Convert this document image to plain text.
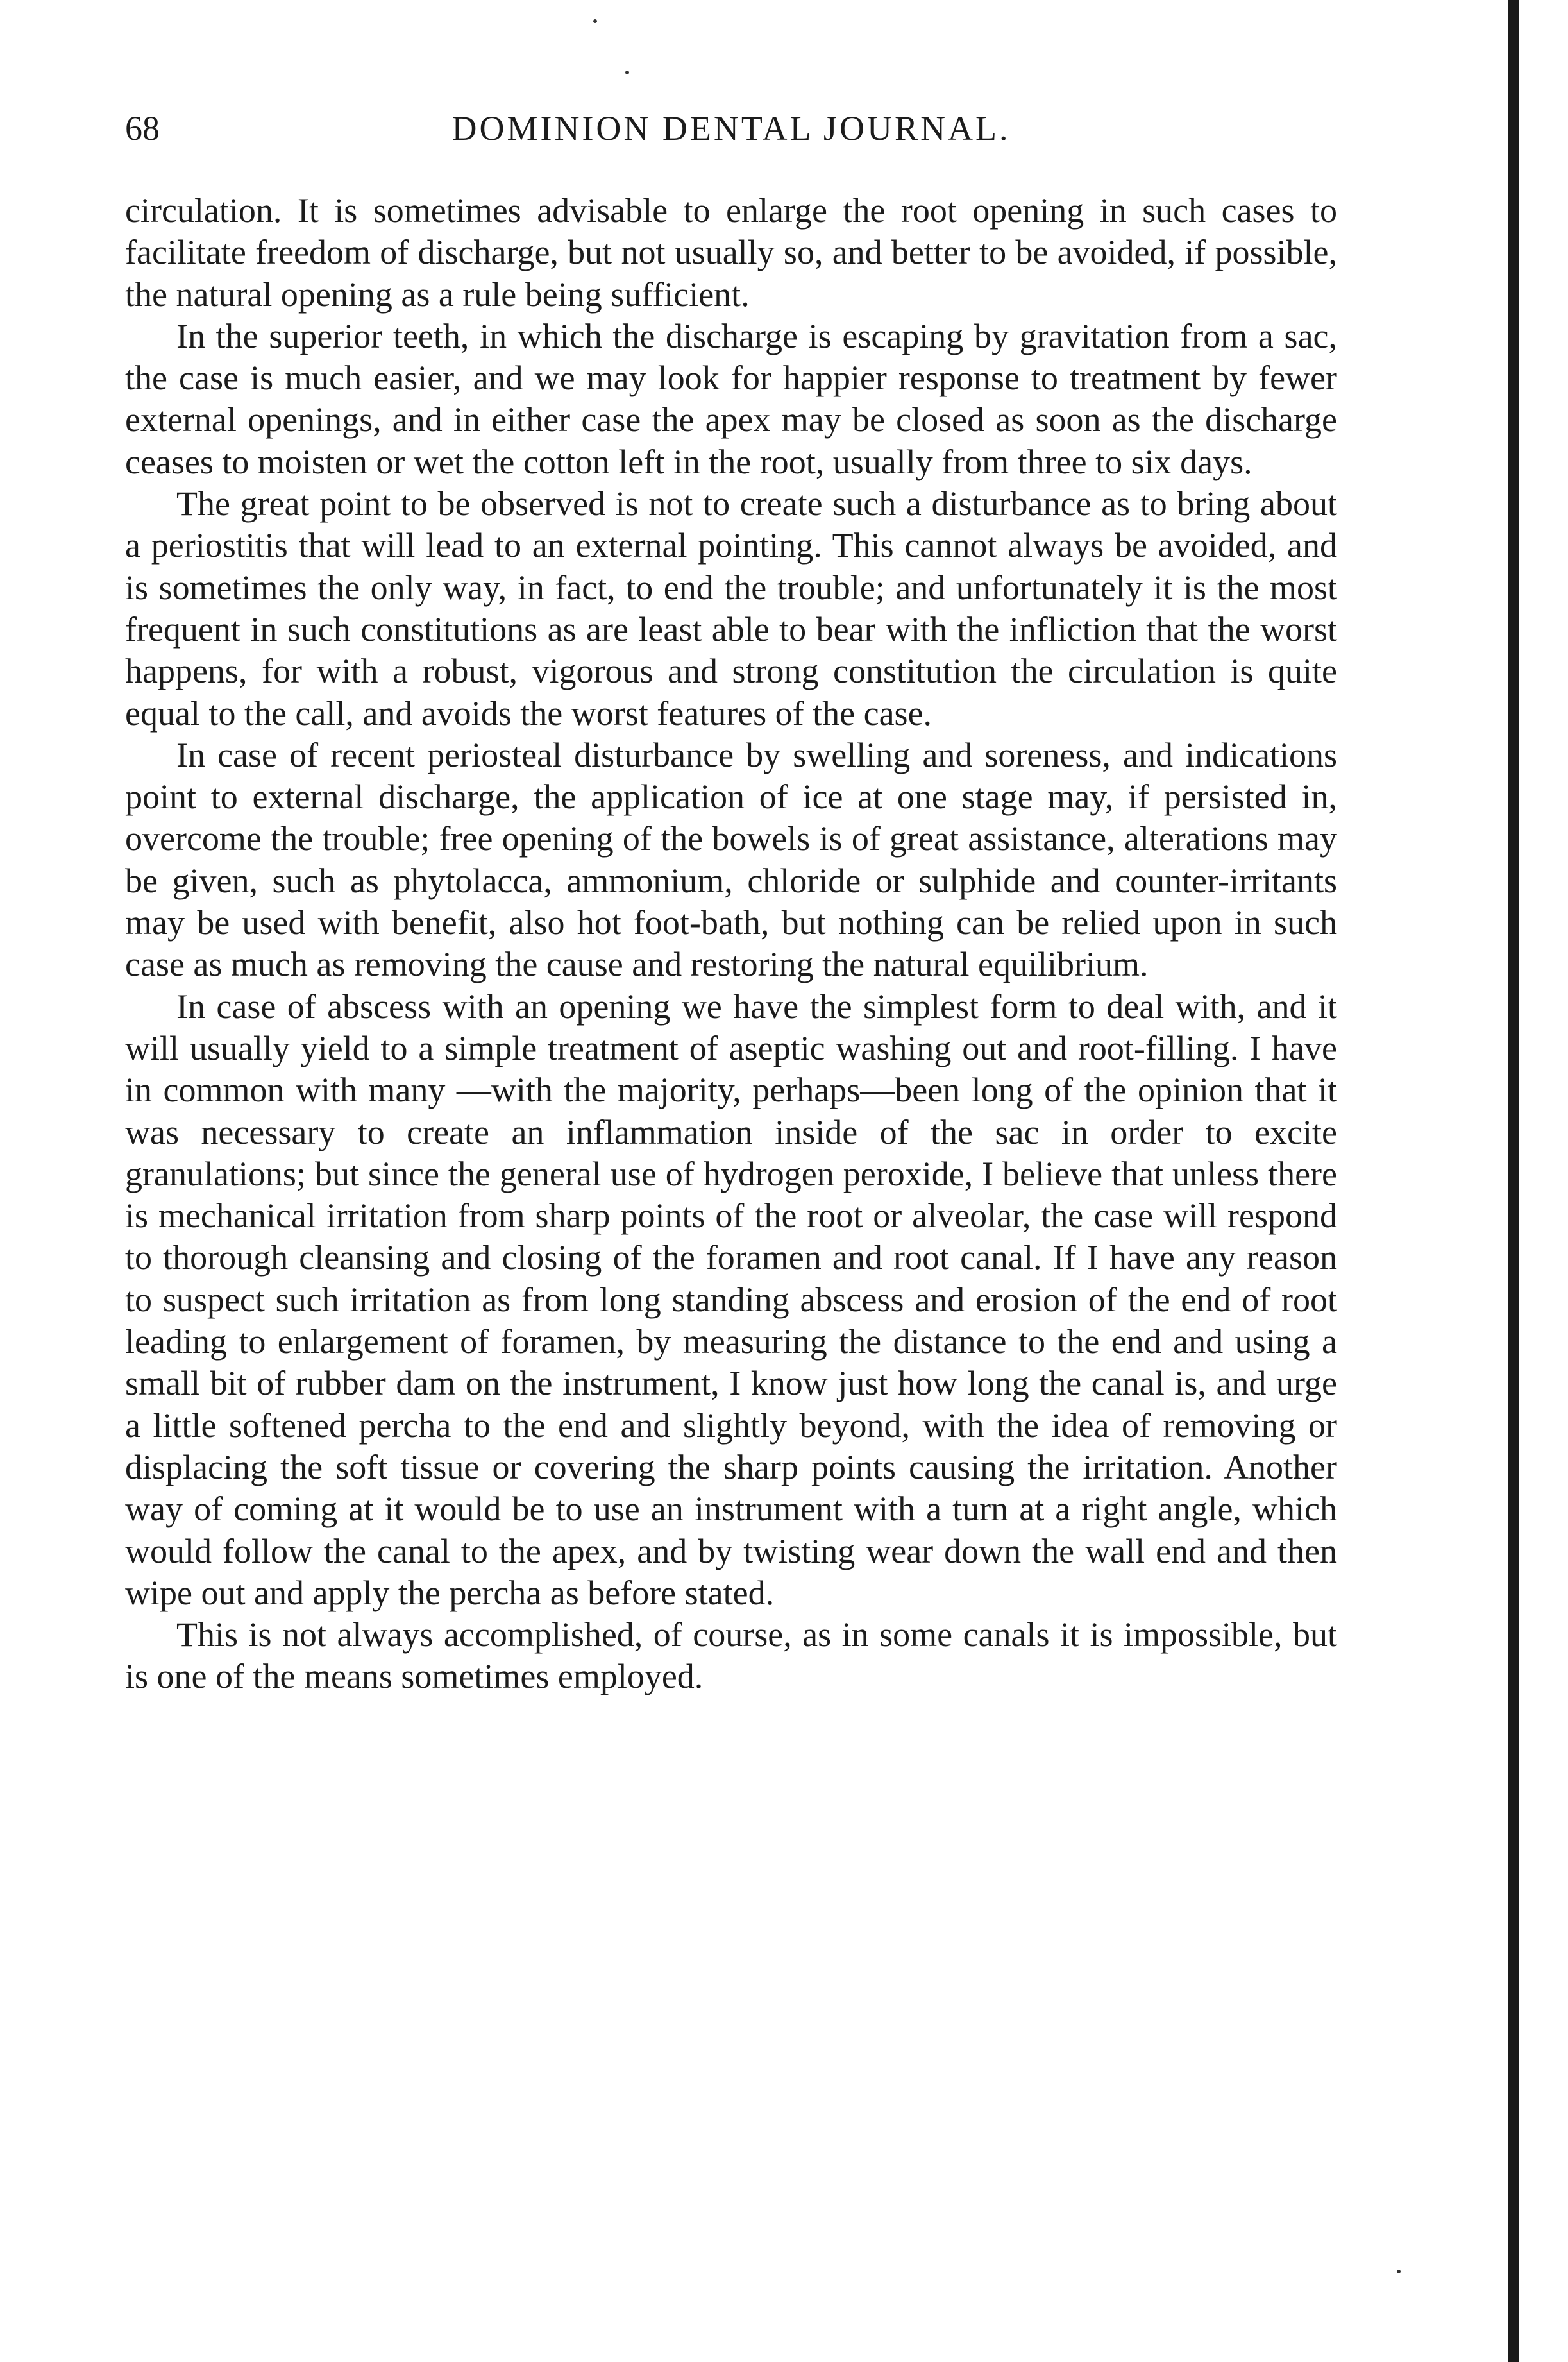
68	DOMINION DENTAL JOURNAL.

circulation. It is sometimes advisable to enlarge the root opening in such cases to facilitate freedom of discharge, but not usually so, and better to be avoided, if possible, the natural opening as a rule being sufficient.

In the superior teeth, in which the discharge is escaping by gravitation from a sac, the case is much easier, and we may look for happier response to treatment by fewer external openings, and in either case the apex may be closed as soon as the discharge ceases to moisten or wet the cotton left in the root, usually from three to six days.

The great point to be observed is not to create such a disturbance as to bring about a periostitis that will lead to an external pointing. This cannot always be avoided, and is sometimes the only way, in fact, to end the trouble; and unfortunately it is the most frequent in such constitutions as are least able to bear with the infliction that the worst happens, for with a robust, vigorous and strong constitution the circulation is quite equal to the call, and avoids the worst features of the case.

In case of recent periosteal disturbance by swelling and soreness, and indications point to external discharge, the application of ice at one stage may, if persisted in, overcome the trouble; free opening of the bowels is of great assistance, alterations may be given, such as phytolacca, ammonium, chloride or sulphide and counter-irritants may be used with benefit, also hot foot-bath, but nothing can be relied upon in such case as much as removing the cause and restoring the natural equilibrium.

In case of abscess with an opening we have the simplest form to deal with, and it will usually yield to a simple treatment of aseptic washing out and root-filling. I have in common with many —with the majority, perhaps—been long of the opinion that it was necessary to create an inflammation inside of the sac in order to excite granulations; but since the general use of hydrogen peroxide, I believe that unless there is mechanical irritation from sharp points of the root or alveolar, the case will respond to thorough cleansing and closing of the foramen and root canal. If I have any reason to suspect such irritation as from long standing abscess and erosion of the end of root leading to enlargement of foramen, by measuring the distance to the end and using a small bit of rubber dam on the instrument, I know just how long the canal is, and urge a little softened percha to the end and slightly beyond, with the idea of removing or displacing the soft tissue or covering the sharp points causing the irritation. Another way of coming at it would be to use an instrument with a turn at a right angle, which would follow the canal to the apex, and by twisting wear down the wall end and then wipe out and apply the percha as before stated.

This is not always accomplished, of course, as in some canals it is impossible, but is one of the means sometimes employed.
